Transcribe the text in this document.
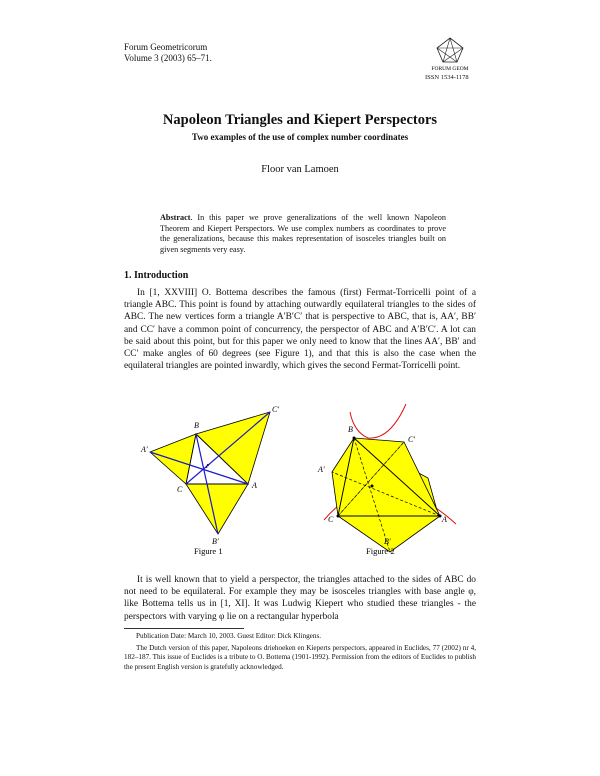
Forum Geometricorum
Volume 3 (2003) 65–71.
FORUM GEOM
ISSN 1534-1178
Napoleon Triangles and Kiepert Perspectors
Two examples of the use of complex number coordinates
Floor van Lamoen
Abstract. In this paper we prove generalizations of the well known Napoleon Theorem and Kiepert Perspectors. We use complex numbers as coordinates to prove the generalizations, because this makes representation of isosceles triangles built on given segments very easy.
1. Introduction
In [1, XXVIII] O. Bottema describes the famous (first) Fermat-Torricelli point of a triangle ABC. This point is found by attaching outwardly equilateral triangles to the sides of ABC. The new vertices form a triangle A′B′C′ that is perspective to ABC, that is, AA′, BB′ and CC′ have a common point of concurrency, the perspector of ABC and A′B′C′. A lot can be said about this point, but for this paper we only need to know that the lines AA′, BB′ and CC′ make angles of 60 degrees (see Figure 1), and that this is also the case when the equilateral triangles are pointed inwardly, which gives the second Fermat-Torricelli point.
A′
B
C′
C	A
B′
F
Figure 1
B
C′
A′
C	A
B′
Figure 2
It is well known that to yield a perspector, the triangles attached to the sides of ABC do not need to be equilateral. For example they may be isosceles triangles with base angle φ, like Bottema tells us in [1, XI]. It was Ludwig Kiepert who studied these triangles - the perspectors with varying φ lie on a rectangular hyperbola
Publication Date: March 10, 2003. Guest Editor: Dick Klingens.
The Dutch version of this paper, Napoleons driehoeken en Kieperts perspectors, appeared in Euclides, 77 (2002) nr 4, 182–187. This issue of Euclides is a tribute to O. Bottema (1901-1992). Permission from the editors of Euclides to publish the present English version is gratefully acknowledged.
